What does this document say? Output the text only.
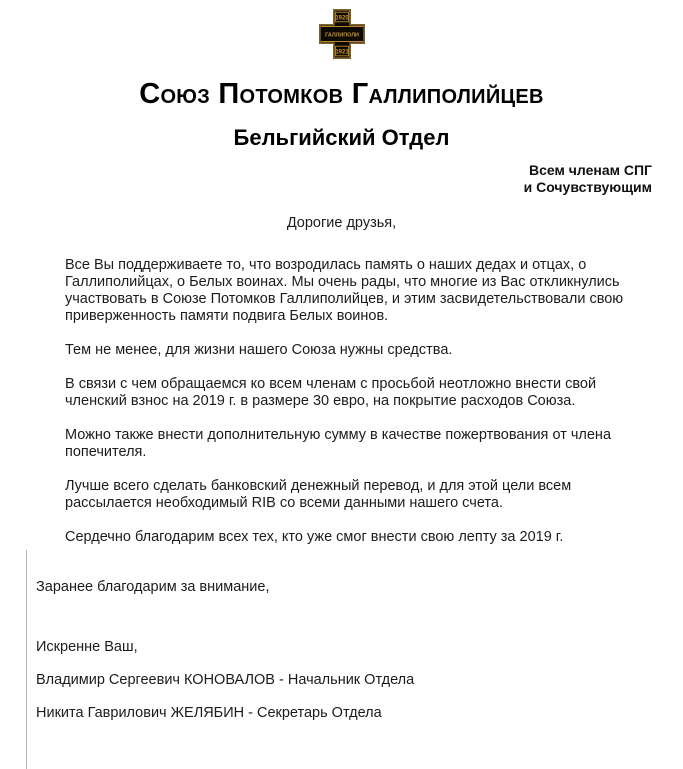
1920
ГАЛЛИПОЛИ
1921
Союз Потомков Галлиполийцев
Бельгийский Отдел
Всем членам СПГ
и Сочувствующим
Дорогие друзья,

Все Вы поддерживаете то, что возродилась память о наших дедах и отцах, о Галлиполийцах, о Белых воинах. Мы очень рады, что многие из Вас откликнулись участвовать в Союзе Потомков Галлиполийцев, и этим засвидетельствовали свою приверженность памяти подвига Белых воинов.

Тем не менее, для жизни нашего Союза нужны средства.

В связи с чем обращаемся ко всем членам с просьбой неотложно внести свой членский взнос на 2019 г. в размере 30 евро, на покрытие расходов Союза.

Можно также внести дополнительную сумму в качестве пожертвования от члена попечителя.

Лучше всего сделать банковский денежный перевод, и для этой цели всем рассылается необходимый RIB со всеми данными нашего счета.

Сердечно благодарим всех тех, кто уже смог внести свою лепту за 2019 г.

Заранее благодарим за внимание,

Искренне Ваш,

Владимир Сергеевич КОНОВАЛОВ - Начальник Отдела

Никита Гаврилович ЖЕЛЯБИН - Секретарь Отдела
